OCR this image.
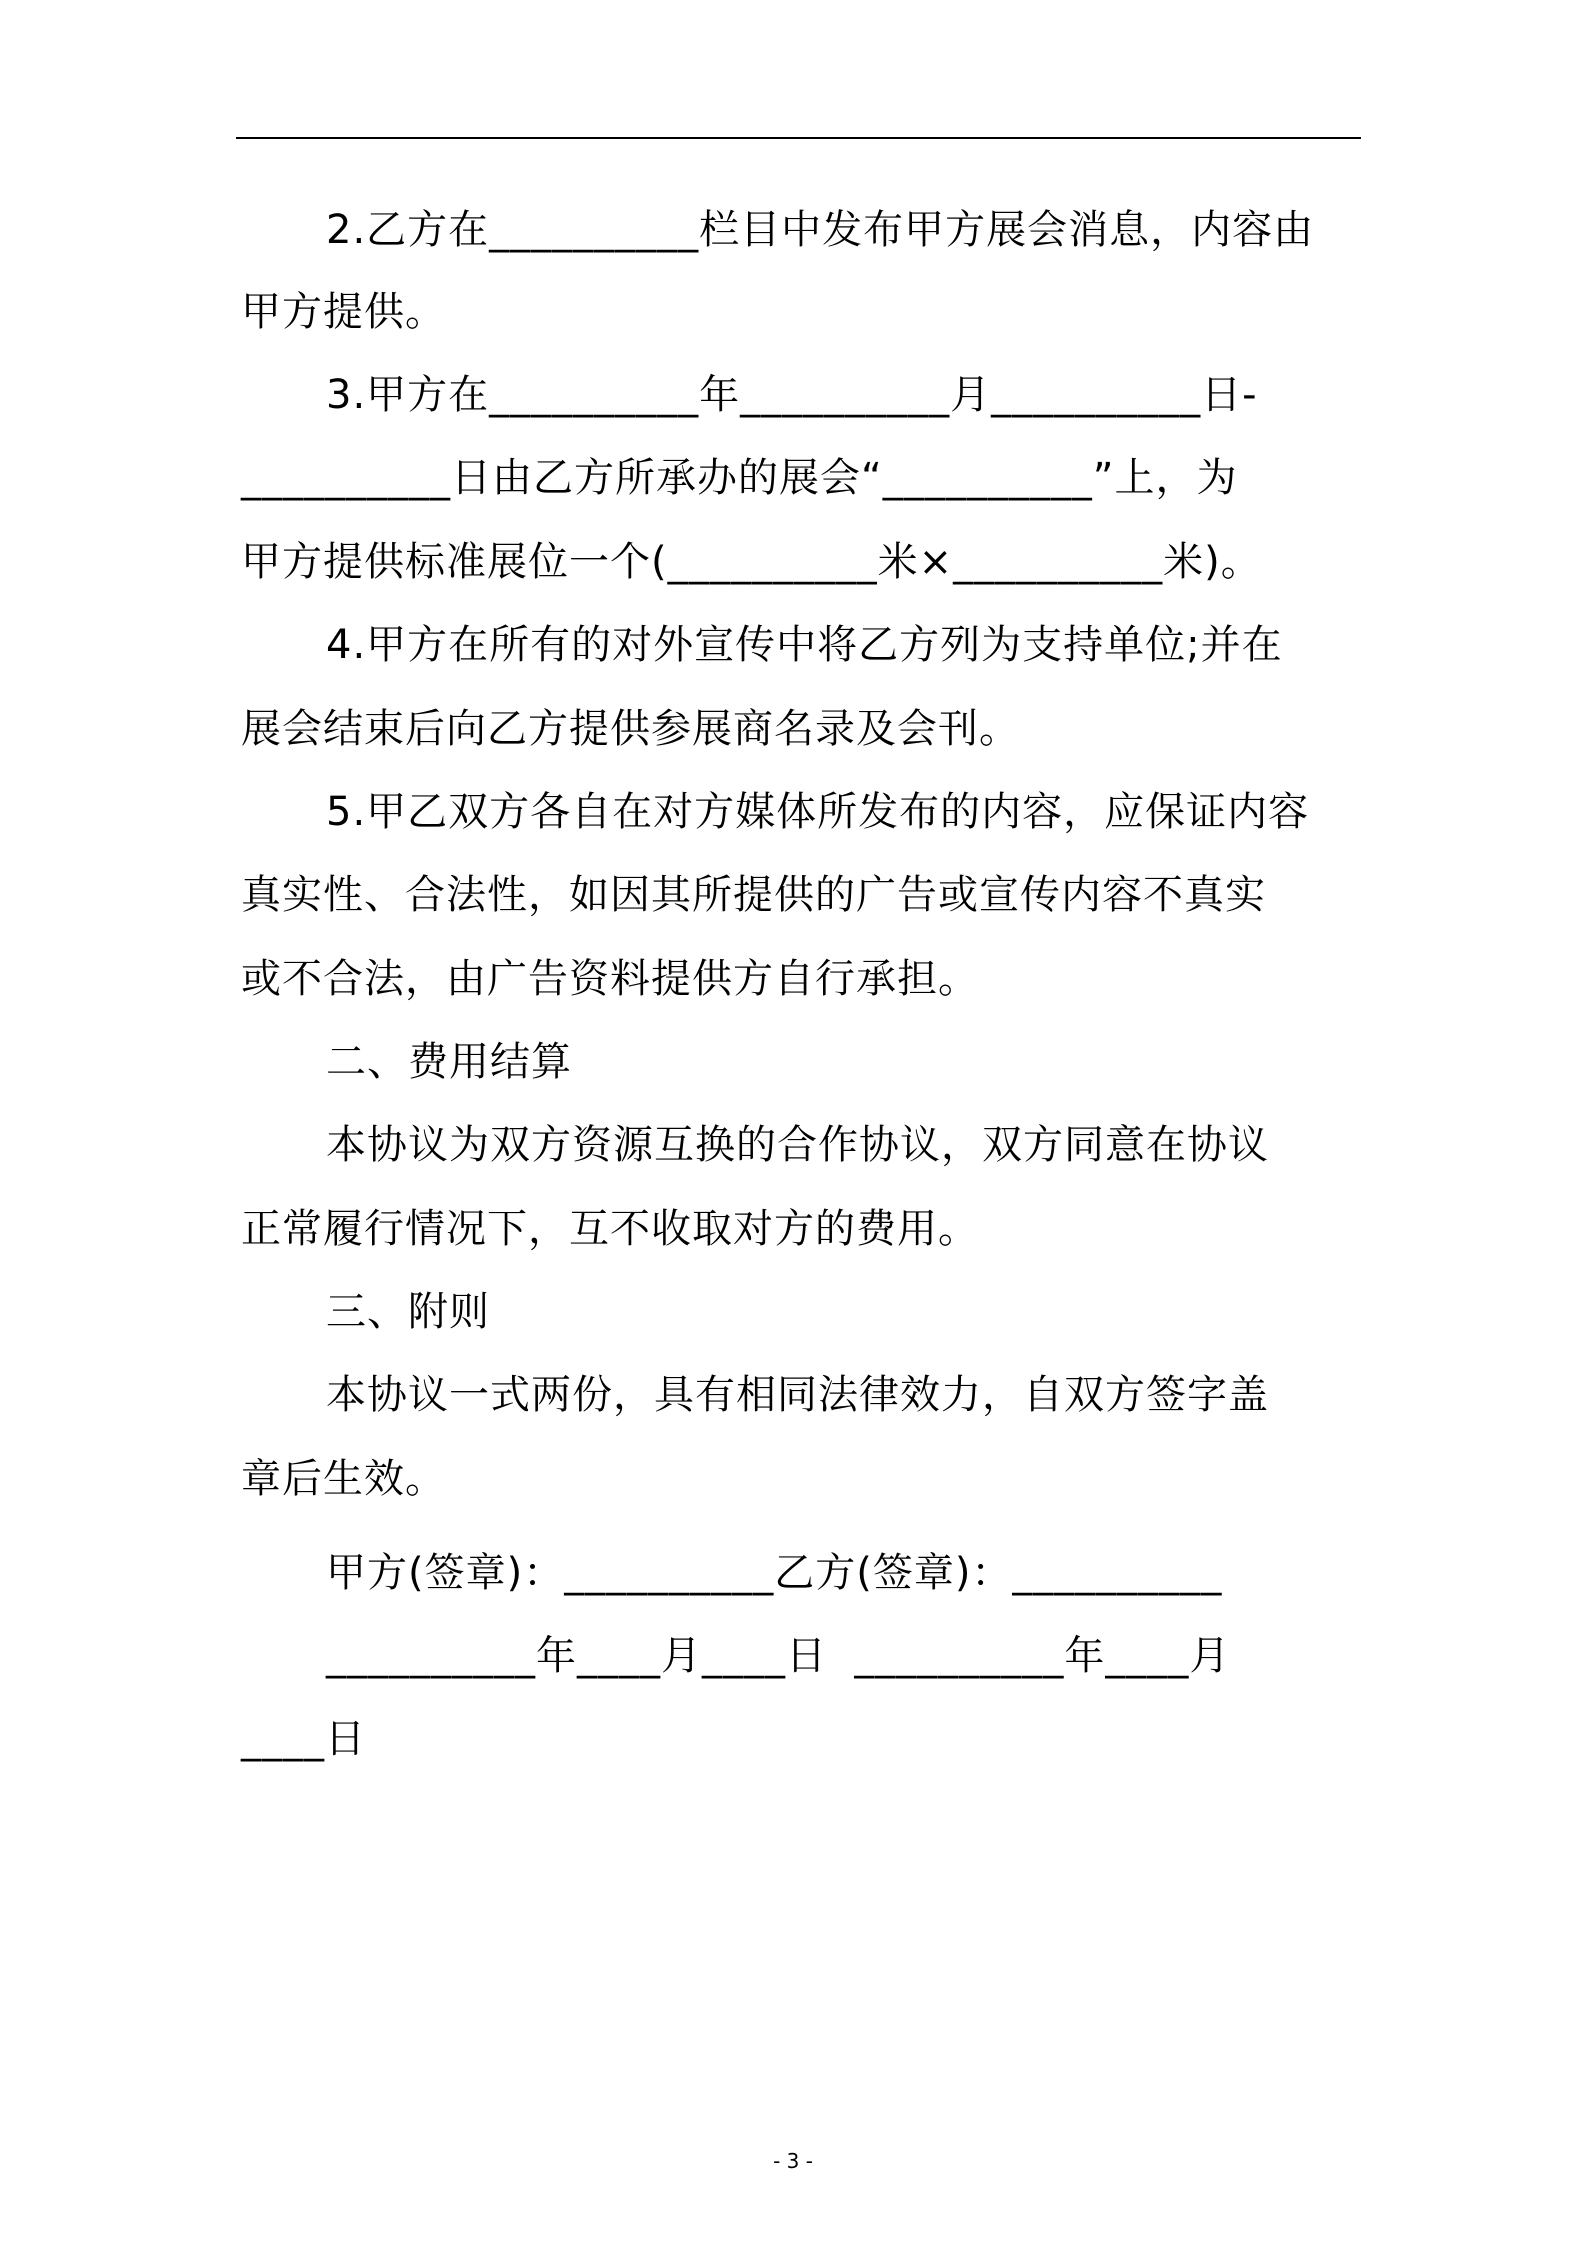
2.乙方在__________栏目中发布甲方展会消息，内容由

甲方提供。

3.甲方在__________年__________月__________日-

__________日由乙方所承办的展会“__________”上，为

甲方提供标准展位一个(__________米×__________米)。

4.甲方在所有的对外宣传中将乙方列为支持单位;并在

展会结束后向乙方提供参展商名录及会刊。

5.甲乙双方各自在对方媒体所发布的内容，应保证内容

真实性、合法性，如因其所提供的广告或宣传内容不真实

或不合法，由广告资料提供方自行承担。

二、费用结算

本协议为双方资源互换的合作协议，双方同意在协议

正常履行情况下，互不收取对方的费用。

三、附则

本协议一式两份，具有相同法律效力，自双方签字盖

章后生效。

甲方(签章)：__________乙方(签章)：__________

__________年____月____日  __________年____月

____日

- 3 -
